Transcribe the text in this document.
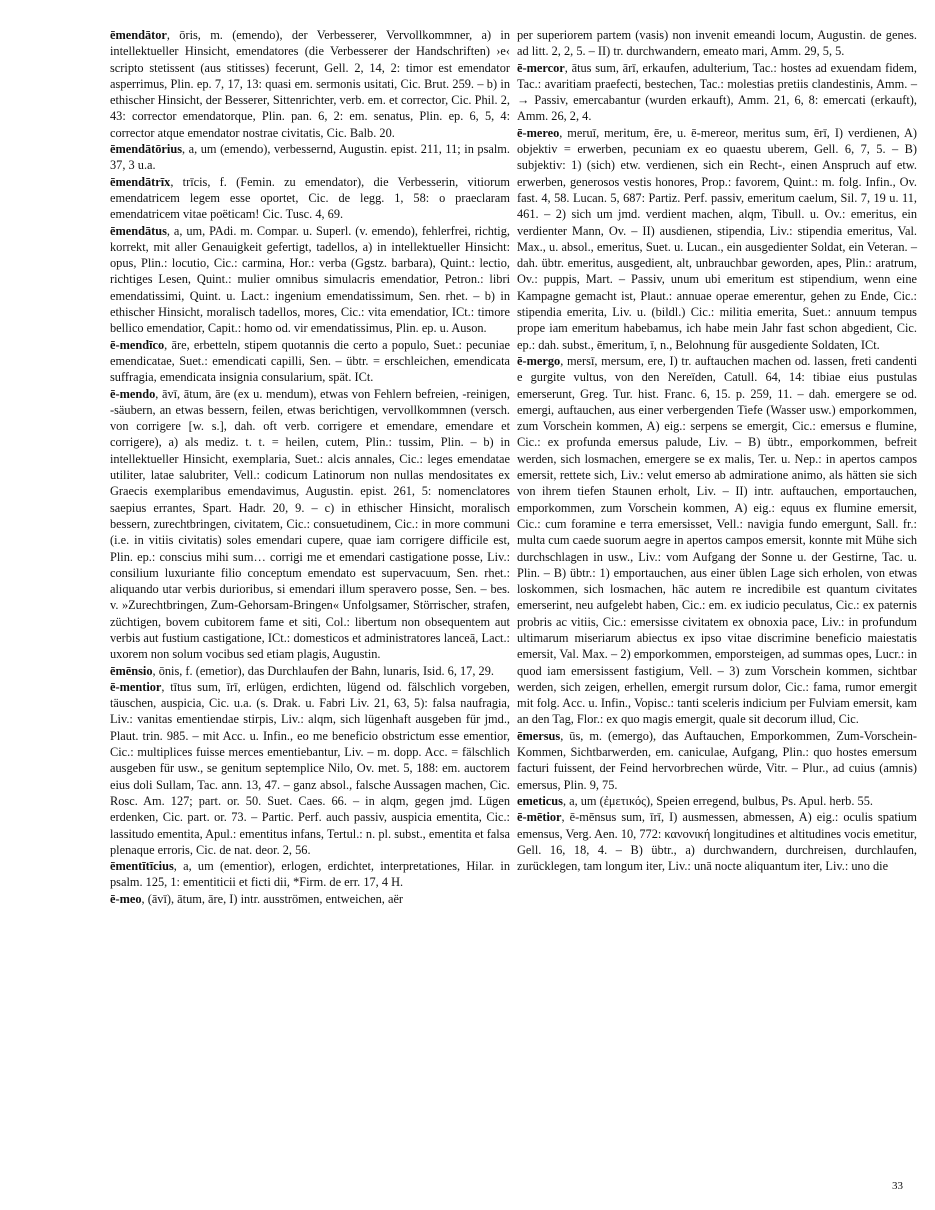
ēmendātor, ōris, m. (emendo), der Verbesserer, Vervollkommner, a) in intellektueller Hinsicht, emendatores (die Verbesserer der Handschriften) ›e‹ scripto stetissent (aus stitisses) fecerunt, Gell. 2, 14, 2: timor est emendator asperrimus, Plin. ep. 7, 17, 13: quasi em. sermonis usitati, Cic. Brut. 259. – b) in ethischer Hinsicht, der Besserer, Sittenrichter, verb. em. et corrector, Cic. Phil. 2, 43: corrector emendatorque, Plin. pan. 6, 2: em. senatus, Plin. ep. 6, 5, 4: corrector atque emendator nostrae civitatis, Cic. Balb. 20.

ēmendātōrius, a, um (emendo), verbessernd, Augustin. epist. 211, 11; in psalm. 37, 3 u.a.

ēmendātrīx, trīcis, f. (Femin. zu emendator), die Verbesserin, vitiorum emendatricem legem esse oportet, Cic. de legg. 1, 58: o praeclaram emendatricem vitae poëticam! Cic. Tusc. 4, 69.

ēmendātus, a, um, PAdi. m. Compar. u. Superl. (v. emendo), fehlerfrei, richtig, korrekt, mit aller Genauigkeit gefertigt, tadellos, a) in intellektueller Hinsicht: opus, Plin.: locutio, Cic.: carmina, Hor.: verba (Ggstz. barbara), Quint.: lectio, richtiges Lesen, Quint.: mulier omnibus simulacris emendatior, Petron.: libri emendatissimi, Quint. u. Lact.: ingenium emendatissimum, Sen. rhet. – b) in ethischer Hinsicht, moralisch tadellos, mores, Cic.: vita emendatior, ICt.: timore bellico emendatior, Capit.: homo od. vir emendatissimus, Plin. ep. u. Auson.

ē-mendīco, āre, erbetteln, stipem quotannis die certo a populo, Suet.: pecuniae emendicatae, Suet.: emendicati capilli, Sen. – übtr. = erschleichen, emendicata suffragia, emendicata insignia consularium, spät. ICt.

ē-mendo, āvī, ātum, āre (ex u. mendum), etwas von Fehlern befreien, -reinigen, -säubern, an etwas bessern, feilen, etwas berichtigen, vervollkommnen (versch. von corrigere [w. s.], dah. oft verb. corrigere et emendare, emendare et corrigere), a) als mediz. t. t. = heilen, cutem, Plin.: tussim, Plin. – b) in intellektueller Hinsicht, exemplaria, Suet.: alcis annales, Cic.: leges emendatae utiliter, latae salubriter, Vell.: codicum Latinorum non nullas mendositates ex Graecis exemplaribus emendavimus, Augustin. epist. 261, 5: nomenclatores saepius errantes, Spart. Hadr. 20, 9. – c) in ethischer Hinsicht, moralisch bessern, zurechtbringen, civitatem, Cic.: consuetudinem, Cic.: in more communi (i.e. in vitiis civitatis) soles emendari cupere, quae iam corrigere difficile est, Plin. ep.: conscius mihi sum… corrigi me et emendari castigatione posse, Liv.: consilium luxuriante filio conceptum emendato est supervacuum, Sen. rhet.: aliquando utar verbis durioribus, si emendari illum speravero posse, Sen. – bes. v. »Zurechtbringen, Zum-Gehorsam-Bringen« Unfolgsamer, Störrischer, strafen, züchtigen, bovem cubitorem fame et siti, Col.: libertum non obsequentem aut verbis aut fustium castigatione, ICt.: domesticos et administratores lanceā, Lact.: uxorem non solum vocibus sed etiam plagis, Augustin.

ēmēnsio, ōnis, f. (emetior), das Durchlaufen der Bahn, lunaris, Isid. 6, 17, 29.

ē-mentior, tītus sum, īrī, erlügen, erdichten, lügend od. fälschlich vorgeben, täuschen, auspicia, Cic. u.a. (s. Drak. u. Fabri Liv. 21, 63, 5): falsa naufragia, Liv.: vanitas ementiendae stirpis, Liv.: alqm, sich lügenhaft ausgeben für jmd., Plaut. trin. 985. – mit Acc. u. Infin., eo me beneficio obstrictum esse ementior, Cic.: multiplices fuisse merces ementiebantur, Liv. – m. dopp. Acc. = fälschlich ausgeben für usw., se genitum septemplice Nilo, Ov. met. 5, 188: em. auctorem eius doli Sullam, Tac. ann. 13, 47. – ganz absol., falsche Aussagen machen, Cic. Rosc. Am. 127; part. or. 50. Suet. Caes. 66. – in alqm, gegen jmd. Lügen erdenken, Cic. part. or. 73. – Partic. Perf. auch passiv, auspicia ementita, Cic.: lassitudo ementita, Apul.: ementitus infans, Tertul.: n. pl. subst., ementita et falsa plenaque erroris, Cic. de nat. deor. 2, 56.

ēmentītīcius, a, um (ementior), erlogen, erdichtet, interpretationes, Hilar. in psalm. 125, 1: ementiticii et ficti dii, *Firm. de err. 17, 4 H.

ē-meo, (āvī), ātum, āre, I) intr. ausströmen, entweichen, aër

per superiorem partem (vasis) non invenit emeandi locum, Augustin. de genes. ad litt. 2, 2, 5. – II) tr. durchwandern, emeato mari, Amm. 29, 5, 5.

ē-mercor, ātus sum, ārī, erkaufen, adulterium, Tac.: hostes ad exuendam fidem, Tac.: avaritiam praefecti, bestechen, Tac.: molestias pretiis clandestinis, Amm. – → Passiv, emercabantur (wurden erkauft), Amm. 21, 6, 8: emercati (erkauft), Amm. 26, 2, 4.

ē-mereo, meruī, meritum, ēre, u. ē-mereor, meritus sum, ērī, I) verdienen, A) objektiv = erwerben, pecuniam ex eo quaestu uberem, Gell. 6, 7, 5. – B) subjektiv: 1) (sich) etw. verdienen, sich ein Recht-, einen Anspruch auf etw. erwerben, generosos vestis honores, Prop.: favorem, Quint.: m. folg. Infin., Ov. fast. 4, 58. Lucan. 5, 687: Partiz. Perf. passiv, emeritum caelum, Sil. 7, 19 u. 11, 461. – 2) sich um jmd. verdient machen, alqm, Tibull. u. Ov.: emeritus, ein verdienter Mann, Ov. – II) ausdienen, stipendia, Liv.: stipendia emeritus, Val. Max., u. absol., emeritus, Suet. u. Lucan., ein ausgedienter Soldat, ein Veteran. – dah. übtr. emeritus, ausgedient, alt, unbrauchbar geworden, apes, Plin.: aratrum, Ov.: puppis, Mart. – Passiv, unum ubi emeritum est stipendium, wenn eine Kampagne gemacht ist, Plaut.: annuae operae emerentur, gehen zu Ende, Cic.: stipendia emerita, Liv. u. (bildl.) Cic.: militia emerita, Suet.: annuum tempus prope iam emeritum habebamus, ich habe mein Jahr fast schon abgedient, Cic. ep.: dah. subst., ēmeritum, ī, n., Belohnung für ausgediente Soldaten, ICt.

ē-mergo, mersī, mersum, ere, I) tr. auftauchen machen od. lassen, freti candenti e gurgite vultus, von den Nereïden, Catull. 64, 14: tibiae eius pustulas emerserunt, Greg. Tur. hist. Franc. 6, 15. p. 259, 11. – dah. emergere se od. emergi, auftauchen, aus einer verbergenden Tiefe (Wasser usw.) emporkommen, zum Vorschein kommen, A) eig.: serpens se emergit, Cic.: emersus e flumine, Cic.: ex profunda emersus palude, Liv. – B) übtr., emporkommen, befreit werden, sich losmachen, emergere se ex malis, Ter. u. Nep.: in apertos campos emersit, rettete sich, Liv.: velut emerso ab admiratione animo, als hätten sie sich von ihrem tiefen Staunen erholt, Liv. – II) intr. auftauchen, emportauchen, emporkommen, zum Vorschein kommen, A) eig.: equus ex flumine emersit, Cic.: cum foramine e terra emersisset, Vell.: navigia fundo emergunt, Sall. fr.: multa cum caede suorum aegre in apertos campos emersit, konnte mit Mühe sich durchschlagen in usw., Liv.: vom Aufgang der Sonne u. der Gestirne, Tac. u. Plin. – B) übtr.: 1) emportauchen, aus einer üblen Lage sich erholen, von etwas loskommen, sich losmachen, hāc autem re incredibile est quantum civitates emerserint, neu aufgelebt haben, Cic.: em. ex iudicio peculatus, Cic.: ex paternis probris ac vitiis, Cic.: emersisse civitatem ex obnoxia pace, Liv.: in profundum ultimarum miseriarum abiectus ex ipso vitae discrimine beneficio maiestatis emersit, Val. Max. – 2) emporkommen, emporsteigen, ad summas opes, Lucr.: in quod iam emersissent fastigium, Vell. – 3) zum Vorschein kommen, sichtbar werden, sich zeigen, erhellen, emergit rursum dolor, Cic.: fama, rumor emergit mit folg. Acc. u. Infin., Vopisc.: tanti sceleris indicium per Fulviam emersit, kam an den Tag, Flor.: ex quo magis emergit, quale sit decorum illud, Cic.

ēmersus, ūs, m. (emergo), das Auftauchen, Emporkommen, Zum-Vorschein-Kommen, Sichtbarwerden, em. caniculae, Aufgang, Plin.: quo hostes emersum facturi fuissent, der Feind hervorbrechen würde, Vitr. – Plur., ad cuius (amnis) emersus, Plin. 9, 75.

emeticus, a, um (ἐμετικός), Speien erregend, bulbus, Ps. Apul. herb. 55.

ē-mētior, ē-mēnsus sum, īrī, I) ausmessen, abmessen, A) eig.: oculis spatium emensus, Verg. Aen. 10, 772: κανονική longitudines et altitudines vocis emetitur, Gell. 16, 18, 4. – B) übtr., a) durchwandern, durchreisen, durchlaufen, zurücklegen, tam longum iter, Liv.: unā nocte aliquantum iter, Liv.: uno die

33
